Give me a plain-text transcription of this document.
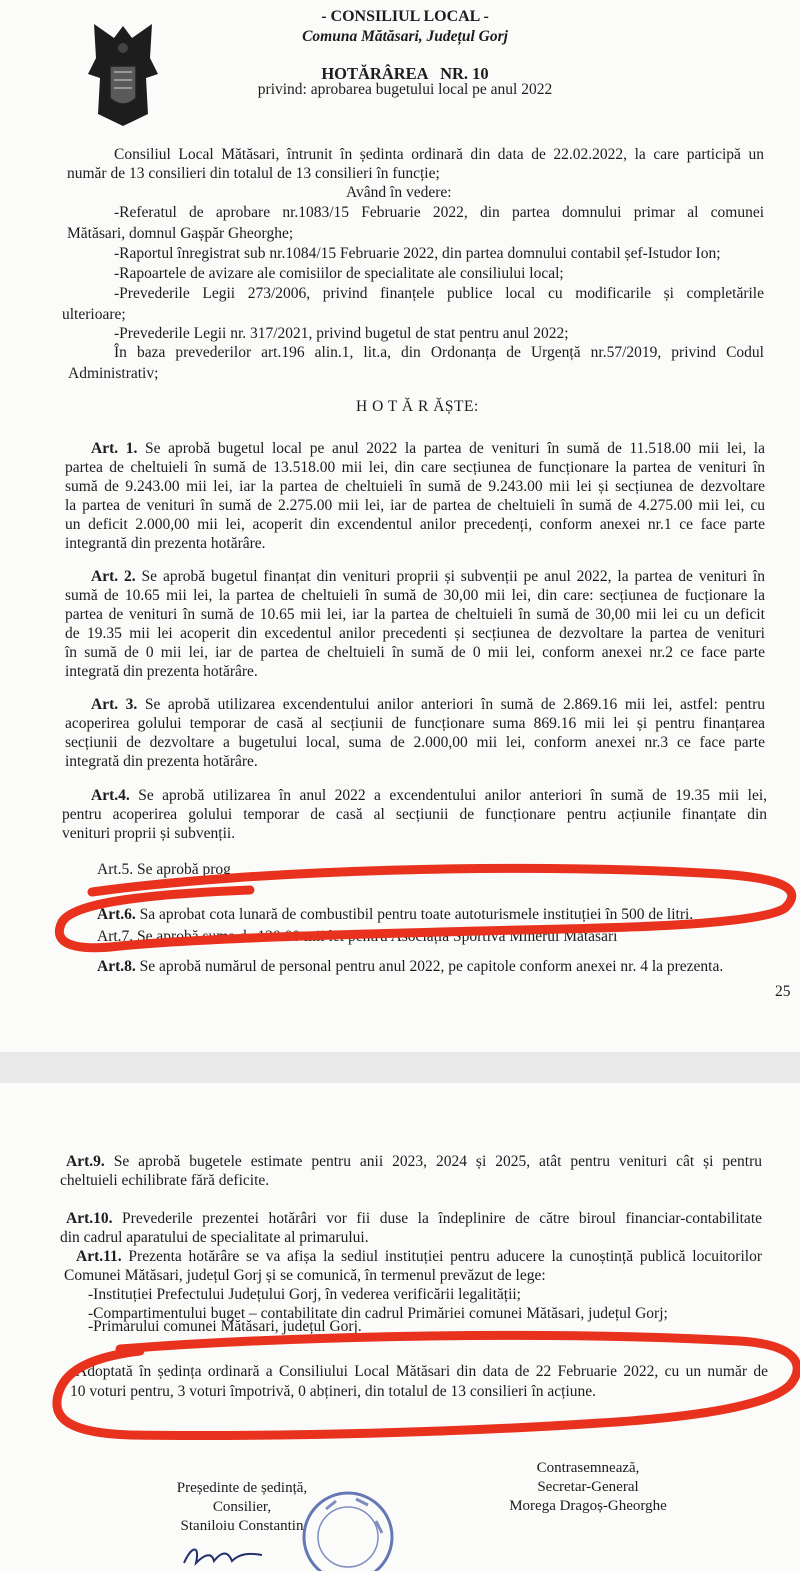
- CONSILIUL LOCAL -

Comuna Mătăsari, Județul Gorj

HOTĂRÂREA   NR. 10

privind: aprobarea bugetului local pe anul 2022

Consiliul Local Mătăsari, întrunit în ședinta ordinară din data de 22.02.2022, la care participă un

număr de 13 consilieri din totalul de 13 consilieri în funcție;

Având în vedere:

-Referatul de aprobare nr.1083/15 Februarie 2022, din partea domnului primar al comunei

Mătăsari, domnul Gașpăr Gheorghe;

-Raportul înregistrat sub nr.1084/15 Februarie 2022, din partea domnului contabil șef-Istudor Ion;

-Rapoartele de avizare ale comisiilor de specialitate ale consiliului local;

-Prevederile Legii 273/2006, privind finanțele publice local cu modificarile și completările

ulterioare;

-Prevederile Legii nr. 317/2021, privind bugetul de stat pentru anul 2022;

În baza prevederilor art.196 alin.1, lit.a, din Ordonanța de Urgență nr.57/2019, privind Codul

Administrativ;

H O T Ă R ĂȘTE:

Art. 1. Se aprobă bugetul local pe anul 2022 la partea de venituri în sumă de 11.518.00 mii lei, la

partea de cheltuieli în sumă de 13.518.00 mii lei, din care secțiunea de funcționare la partea de venituri în

sumă de 9.243.00 mii lei, iar la partea de cheltuieli în sumă de 9.243.00 mii lei și secțiunea de dezvoltare

la partea de venituri în sumă de 2.275.00 mii lei, iar de partea de cheltuieli în sumă de 4.275.00 mii lei, cu

un deficit 2.000,00 mii lei, acoperit din excendentul anilor precedenți, conform anexei nr.1 ce face parte

integrantă din prezenta hotărâre.

Art. 2. Se aprobă bugetul finanțat din venituri proprii și subvenții pe anul 2022, la partea de venituri în

sumă de 10.65 mii lei, la partea de cheltuieli în sumă de 30,00 mii lei, din care: secțiunea de fucționare la

partea de venituri în sumă de 10.65 mii lei, iar la partea de cheltuieli în sumă de 30,00 mii lei cu un deficit

de 19.35 mii lei acoperit din excedentul anilor precedenti și secțiunea de dezvoltare la partea de venituri

în sumă de 0 mii lei, iar de partea de cheltuieli în sumă de 0 mii lei, conform anexei nr.2 ce face parte

integrată din prezenta hotărâre.

Art. 3. Se aprobă utilizarea excendentului anilor anteriori în sumă de 2.869.16 mii lei, astfel: pentru

acoperirea golului temporar de casă al secțiunii de funcționare suma 869.16 mii lei și pentru finanțarea

secțiunii de dezvoltare a bugetului local, suma de 2.000,00 mii lei, conform anexei nr.3 ce face parte

integrată din prezenta hotărâre.

Art.4. Se aprobă utilizarea în anul 2022 a excendentului anilor anteriori în sumă de 19.35 mii lei,

pentru acoperirea golului temporar de casă al secțiunii de funcționare pentru acțiunile finanțate din

venituri proprii și subvenții.

Art.5. Se aprobă prog

Art.6. Sa aprobat cota lunară de combustibil pentru toate autoturismele instituției în 500 de litri.

Art.7. Se aprobă suma de 120.00 mii lei pentru Asociația Sportivă Minerul Mătăsari

Art.8. Se aprobă numărul de personal pentru anul 2022, pe capitole conform anexei nr. 4 la prezenta.

25

Art.9. Se aprobă bugetele estimate pentru anii 2023, 2024 și 2025, atât pentru venituri cât și pentru

cheltuieli echilibrate fără deficite.

Art.10. Prevederile prezentei hotărâri vor fii duse la îndeplinire de către biroul financiar-contabilitate

din cadrul aparatului de specialitate al primarului.

Art.11. Prezenta hotărâre se va afișa la sediul instituției pentru aducere la cunoștință publică locuitorilor

Comunei Mătăsari, județul Gorj și se comunică, în termenul prevăzut de lege:

-Instituției Prefectului Județului Gorj, în vederea verificării legalității;

-Compartimentului buget – contabilitate din cadrul Primăriei comunei Mătăsari, județul Gorj;

-Primarului comunei Mătăsari, județul Gorj.

Adoptată în ședința ordinară a Consiliului Local Mătăsari din data de 22 Februarie 2022, cu un număr de

10 voturi pentru, 3 voturi împotrivă, 0 abțineri, din totalul de 13 consilieri în acțiune.

Președinte de ședință,

Consilier,

Staniloiu Constantin

Contrasemnează,

Secretar-General

Morega Dragoș-Gheorghe
